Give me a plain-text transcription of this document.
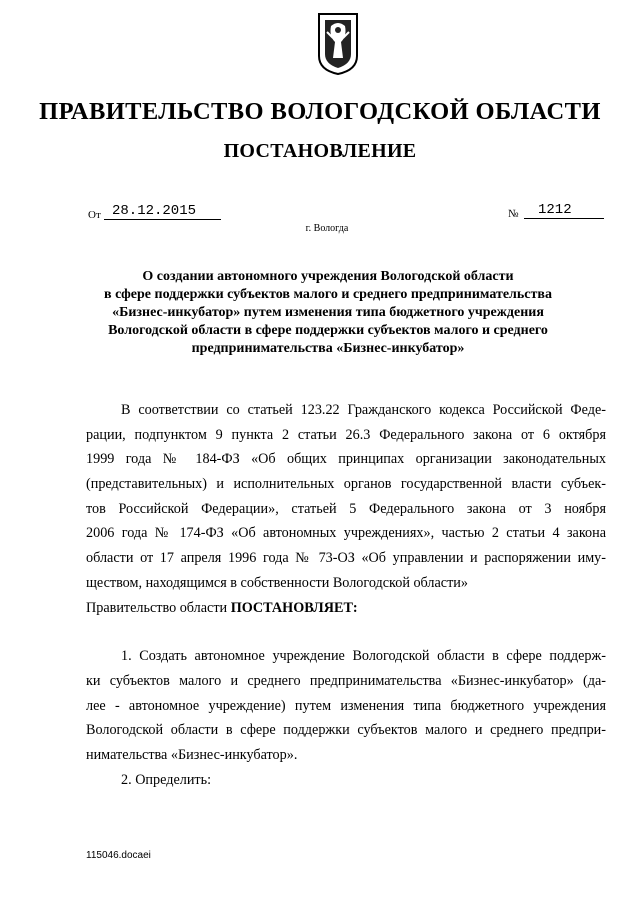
ПРАВИТЕЛЬСТВО ВОЛОГОДСКОЙ ОБЛАСТИ
ПОСТАНОВЛЕНИЕ
От 28.12.2015	№	1212
г. Вологда
О создании автономного учреждения Вологодской области
в сфере поддержки субъектов малого и среднего предпринимательства
«Бизнес-инкубатор» путем изменения типа бюджетного учреждения
Вологодской области в сфере поддержки субъектов малого и среднего
предпринимательства «Бизнес-инкубатор»
В соответствии со статьей 123.22 Гражданского кодекса Российской Феде-
рации, подпунктом 9 пункта 2 статьи 26.3 Федерального закона от 6 октября
1999 года № 184-ФЗ «Об общих принципах организации законодательных
(представительных) и исполнительных органов государственной власти субъек-
тов Российской Федерации», статьей 5 Федерального закона от 3 ноября
2006 года № 174-ФЗ «Об автономных учреждениях», частью 2 статьи 4 закона
области от 17 апреля 1996 года № 73-ОЗ «Об управлении и распоряжении иму-
ществом, находящимся в собственности Вологодской области»
Правительство области ПОСТАНОВЛЯЕТ:
1. Создать автономное учреждение Вологодской области в сфере поддерж-
ки субъектов малого и среднего предпринимательства «Бизнес-инкубатор» (да-
лее - автономное учреждение) путем изменения типа бюджетного учреждения
Вологодской области в сфере поддержки субъектов малого и среднего предпри-
нимательства «Бизнес-инкубатор».
2. Определить:
115046.docaei
